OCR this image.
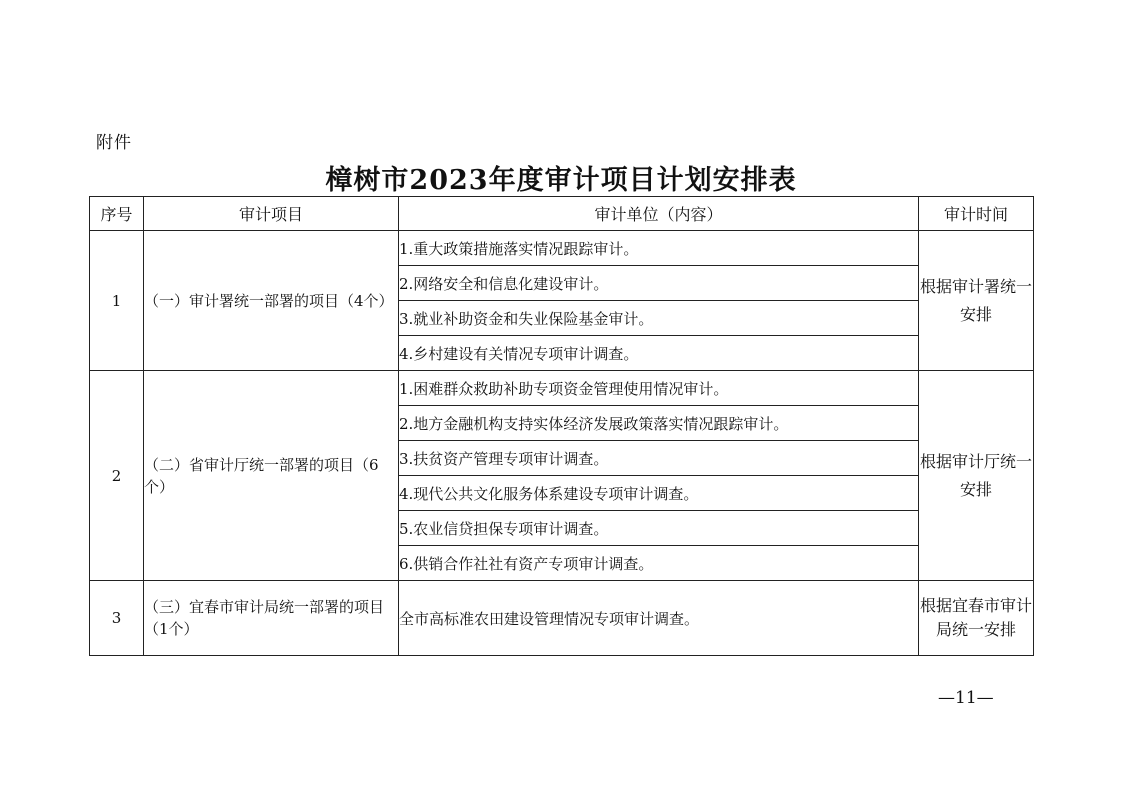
附件
樟树市2023年度审计项目计划安排表
序号	审计项目	审计单位（内容）	审计时间
1	（一）审计署统一部署的项目（4个）	1.重大政策措施落实情况跟踪审计。	根据审计署统一安排
		2.网络安全和信息化建设审计。	
		3.就业补助资金和失业保险基金审计。	
		4.乡村建设有关情况专项审计调查。	
2	（二）省审计厅统一部署的项目（6个）	1.困难群众救助补助专项资金管理使用情况审计。	根据审计厅统一安排
		2.地方金融机构支持实体经济发展政策落实情况跟踪审计。	
		3.扶贫资产管理专项审计调查。	
		4.现代公共文化服务体系建设专项审计调查。	
		5.农业信贷担保专项审计调查。	
		6.供销合作社社有资产专项审计调查。	
3	（三）宜春市审计局统一部署的项目（1个）	全市高标准农田建设管理情况专项审计调查。	根据宜春市审计局统一安排
—11—
